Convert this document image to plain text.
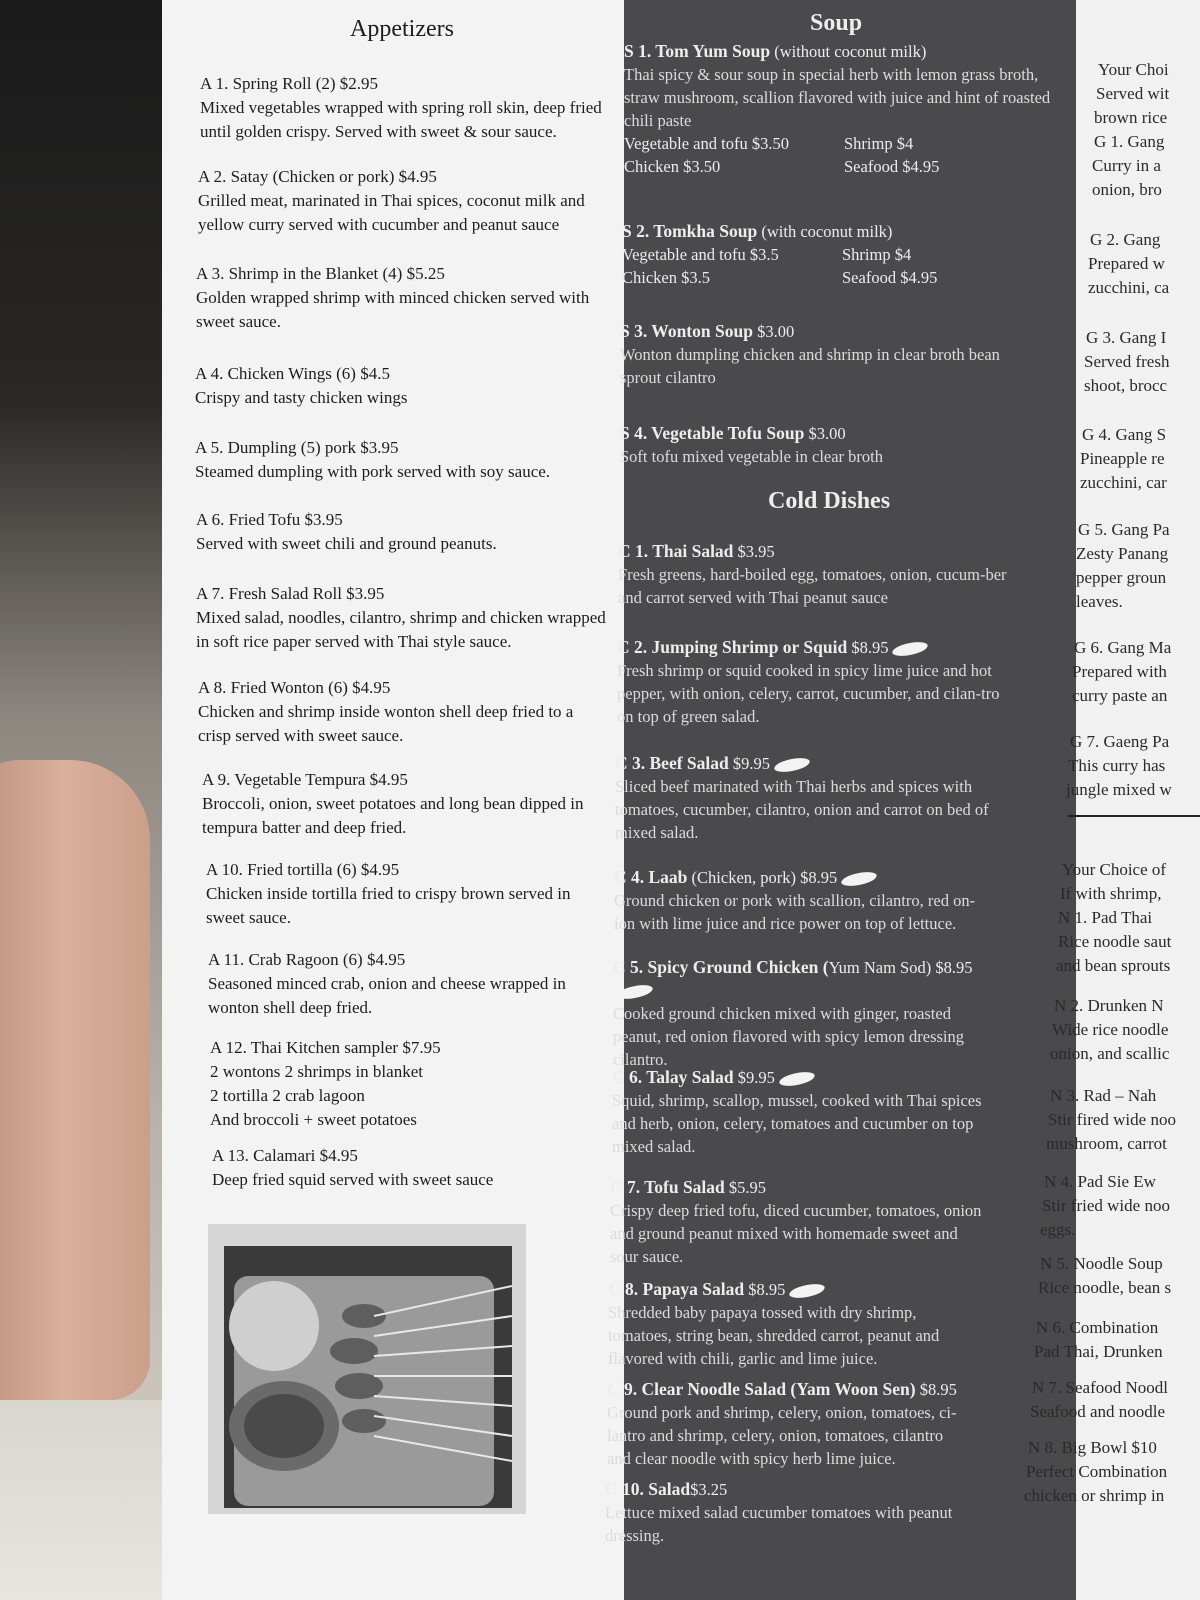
Appetizers
A 1. Spring Roll (2) $2.95
Mixed vegetables wrapped with spring roll skin, deep fried until golden crispy. Served with sweet & sour sauce.
A 2. Satay (Chicken or pork) $4.95
Grilled meat, marinated in Thai spices, coconut milk and yellow curry served with cucumber and peanut sauce
A 3. Shrimp in the Blanket (4) $5.25
Golden wrapped shrimp with minced chicken served with sweet sauce.
A 4. Chicken Wings (6) $4.5
Crispy and tasty chicken wings
A 5. Dumpling (5) pork $3.95
Steamed dumpling with pork served with soy sauce.
A 6. Fried Tofu $3.95
Served with sweet chili and ground peanuts.
A 7. Fresh Salad Roll $3.95
Mixed salad, noodles, cilantro, shrimp and chicken wrapped in soft rice paper served with Thai style sauce.
A 8. Fried Wonton (6) $4.95
Chicken and shrimp inside wonton shell deep fried to a crisp served with sweet sauce.
A 9. Vegetable Tempura $4.95
Broccoli, onion, sweet potatoes and long bean dipped in tempura batter and deep fried.
A 10. Fried tortilla (6) $4.95
Chicken inside tortilla fried to crispy brown served in sweet sauce.
A 11. Crab Ragoon (6) $4.95
Seasoned minced crab, onion and cheese wrapped in wonton shell deep fried.
A 12. Thai Kitchen sampler $7.95
2 wontons 2 shrimps in blanket
2 tortilla 2 crab lagoon
And broccoli + sweet potatoes
A 13. Calamari $4.95
Deep fried squid served with sweet sauce
Soup
S 1. Tom Yum Soup (without coconut milk)
Thai spicy & sour soup in special herb with lemon grass broth, straw mushroom, scallion flavored with juice and hint of roasted chili paste
Vegetable and tofu $3.50	Shrimp $4
Chicken $3.50	Seafood $4.95
S 2. Tomkha Soup (with coconut milk)
Vegetable and tofu $3.5	Shrimp $4
Chicken $3.5	Seafood $4.95
S 3. Wonton Soup $3.00
Wonton dumpling chicken and shrimp in clear broth bean sprout cilantro
S 4. Vegetable Tofu Soup $3.00
Soft tofu mixed vegetable in clear broth
Cold Dishes
C 1. Thai Salad $3.95
Fresh greens, hard-boiled egg, tomatoes, onion, cucum-ber and carrot served with Thai peanut sauce
C 2. Jumping Shrimp or Squid $8.95
Fresh shrimp or squid cooked in spicy lime juice and hot pepper, with onion, celery, carrot, cucumber, and cilan-tro on top of green salad.
C 3. Beef Salad $9.95
Sliced beef marinated with Thai herbs and spices with tomatoes, cucumber, cilantro, onion and carrot on bed of mixed salad.
C 4. Laab (Chicken, pork) $8.95
Ground chicken or pork with scallion, cilantro, red on-ion with lime juice and rice power on top of lettuce.
C 5. Spicy Ground Chicken (Yum Nam Sod) $8.95
Cooked ground chicken mixed with ginger, roasted peanut, red onion flavored with spicy lemon dressing cilantro.
C 6. Talay Salad $9.95
Squid, shrimp, scallop, mussel, cooked with Thai spices and herb, onion, celery, tomatoes and cucumber on top mixed salad.
C 7. Tofu Salad $5.95
Crispy deep fried tofu, diced cucumber, tomatoes, onion and ground peanut mixed with homemade sweet and sour sauce.
C 8. Papaya Salad $8.95
Shredded baby papaya tossed with dry shrimp, tomatoes, string bean, shredded carrot, peanut and flavored with chili, garlic and lime juice.
C 9. Clear Noodle Salad (Yam Woon Sen) $8.95
Ground pork and shrimp, celery, onion, tomatoes, ci-lantro and shrimp, celery, onion, tomatoes, cilantro and clear noodle with spicy herb lime juice.
C 10. Salad$3.25
Lettuce mixed salad cucumber tomatoes with peanut dressing.
Your Choi
Served wit
brown rice
G 1. Gang
Curry in a
onion, bro
G 2. Gang
Prepared w
zucchini, ca
G 3. Gang I
Served fresh
shoot, brocc
G 4. Gang S
Pineapple re
zucchini, car
G 5. Gang Pa
Zesty Panang
pepper groun
leaves.
G 6. Gang Ma
Prepared with
curry paste an
G 7. Gaeng Pa
This curry has
jungle mixed w
Your Choice of
If with shrimp,
N 1. Pad Thai
Rice noodle saut
and bean sprouts
N 2. Drunken N
Wide rice noodle
onion, and scallic
N 3. Rad – Nah
Stir fired wide noo
mushroom, carrot
N 4. Pad Sie Ew
Stir fried wide noo
eggs.
N 5. Noodle Soup
Rice noodle, bean s
N 6. Combination
Pad Thai, Drunken
N 7. Seafood Noodl
Seafood and noodle
N 8. Big Bowl $10
Perfect Combination
chicken or shrimp in
